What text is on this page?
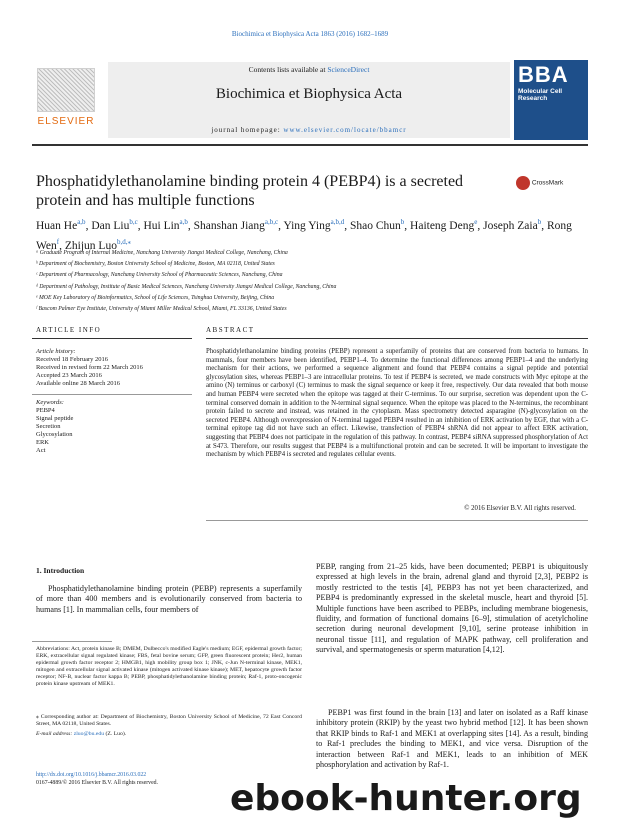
Biochimica et Biophysica Acta 1863 (2016) 1682–1689
ELSEVIER
Contents lists available at ScienceDirect
Biochimica et Biophysica Acta
journal homepage: www.elsevier.com/locate/bbamcr
BBA
Molecular Cell Research
Phosphatidylethanolamine binding protein 4 (PEBP4) is a secreted protein and has multiple functions
CrossMark
Huan He$^{a,b}$, Dan Liu$^{b,c}$, Hui Lin$^{a,b}$, Shanshan Jiang$^{a,b,c}$, Ying Ying$^{a,b,d}$, Shao Chun$^b$, Haiteng Deng$^e$, Joseph Zaia$^b$, Rong Wen$^f$, Zhijun Luo$^{b,d,⁎}$
ᵃ Graduate Program of Internal Medicine, Nanchang University Jiangxi Medical College, Nanchang, China
ᵇ Department of Biochemistry, Boston University School of Medicine, Boston, MA 02118, United States
ᶜ Department of Pharmacology, Nanchang University School of Pharmaceutic Sciences, Nanchang, China
ᵈ Department of Pathology, Institute of Basic Medical Sciences, Nanchang University Jiangxi Medical College, Nanchang, China
ᵉ MOE Key Laboratory of Bioinformatics, School of Life Sciences, Tsinghua University, Beijing, China
ᶠ Bascom Palmer Eye Institute, University of Miami Miller Medical School, Miami, FL 33136, United States
ARTICLE INFO
Article history:
Received 18 February 2016
Received in revised form 22 March 2016
Accepted 23 March 2016
Available online 28 March 2016
Keywords:
PEBP4
Signal peptide
Secretion
Glycosylation
ERK
Act
ABSTRACT
Phosphatidylethanolamine binding proteins (PEBP) represent a superfamily of proteins that are conserved from bacteria to humans. In mammals, four members have been identified, PEBP1–4. To determine the functional differences among PEBP1–4 and the underlying mechanism for their actions, we performed a sequence alignment and found that PEBP4 contains a signal peptide and potential glycosylation sites, whereas PEBP1–3 are intracellular proteins. To test if PEBP4 is secreted, we made constructs with Myc epitope at the amino (N) terminus or carboxyl (C) terminus to mask the signal sequence or keep it free, respectively. Our data revealed that both mouse and human PEBP4 were secreted when the epitope was tagged at their C-terminus. To our surprise, secretion was dependent upon the C-terminal conserved domain in addition to the N-terminal signal sequence. When the epitope was placed to the N-terminus, the recombinant protein failed to secrete and instead, was retained in the cytoplasm. Mass spectrometry detected asparagine (N)-glycosylation on the secreted PEBP4. Although overexpression of N-terminal tagged PEBP4 resulted in an inhibition of ERK activation by EGF, that with a C-terminal epitope tag did not have such an effect. Likewise, transfection of PEBP4 shRNA did not appear to affect ERK activation, suggesting that PEBP4 does not participate in the regulation of this pathway. In contrast, PEBP4 siRNA suppressed phosphorylation of Act at S473. Therefore, our results suggest that PEBP4 is a multifunctional protein and can be secreted. It will be important to investigate the mechanism by which PEBP4 is secreted and regulates cellular events.
© 2016 Elsevier B.V. All rights reserved.
1. Introduction
Phosphatidylethanolamine binding protein (PEBP) represents a superfamily of more than 400 members and is evolutionarily conserved from bacteria to humans [1]. In mammalian cells, four members of
Abbreviations: Act, protein kinase B; DMEM, Dulbecco's modified Eagle's medium; EGF, epidermal growth factor; ERK, extracellular signal regulated kinase; FBS, fetal bovine serum; GFP, green fluorescent protein; Her2, human epidermal growth factor receptor 2; HMGB1, high mobility group box 1; JNK, c-Jun N-terminal kinase, MEK1, mitogen and extracellular signal activated kinase (mitogen activated kinase kinase); MET, hepatocyte growth factor receptor; NF-B, nuclear factor kappa B; PEBP, phosphatidylethanolamine binding protein; Raf-1, proto-oncogenic protein kinase upstream of MEK1.
⁎ Corresponding author at: Department of Biochemistry, Boston University School of Medicine, 72 East Concord Street, MA 02118, United States.
E-mail address: zluo@bu.edu (Z. Luo).
PEBP, ranging from 21–25 kids, have been documented; PEBP1 is ubiquitously expressed at high levels in the brain, adrenal gland and thyroid [2,3], PEBP2 is mostly restricted to the testis [4], PEBP3 has not yet been characterized, and PEBP4 is predominantly expressed in the skeletal muscle, heart and thyroid [5]. Multiple functions have been ascribed to PEBPs, including membrane biogenesis, fluidity, and formation of functional domains [6–9], stimulation of acetylcholine secretion during neuronal development [9,10], serine protease inhibition in neuronal tissue [11], and regulation of MAPK pathway, cell proliferation and survival, and spermatogenesis or sperm maturation [4,12].
PEBP1 was first found in the brain [13] and later on isolated as a Raff kinase inhibitory protein (RKIP) by the yeast two hybrid method [12]. It has been shown that RKIP binds to Raf-1 and MEK1 at overlapping sites [14]. As a result, binding to Raf-1 precludes the binding to MEK1, and vice versa. Disruption of the interaction between Raf-1 and MEK1, leads to an inhibition of MEK phosphorylation and activation by Raf-1.
http://dx.doi.org/10.1016/j.bbamcr.2016.03.022
0167-4889/© 2016 Elsevier B.V. All rights reserved. ebook-hunter.org
